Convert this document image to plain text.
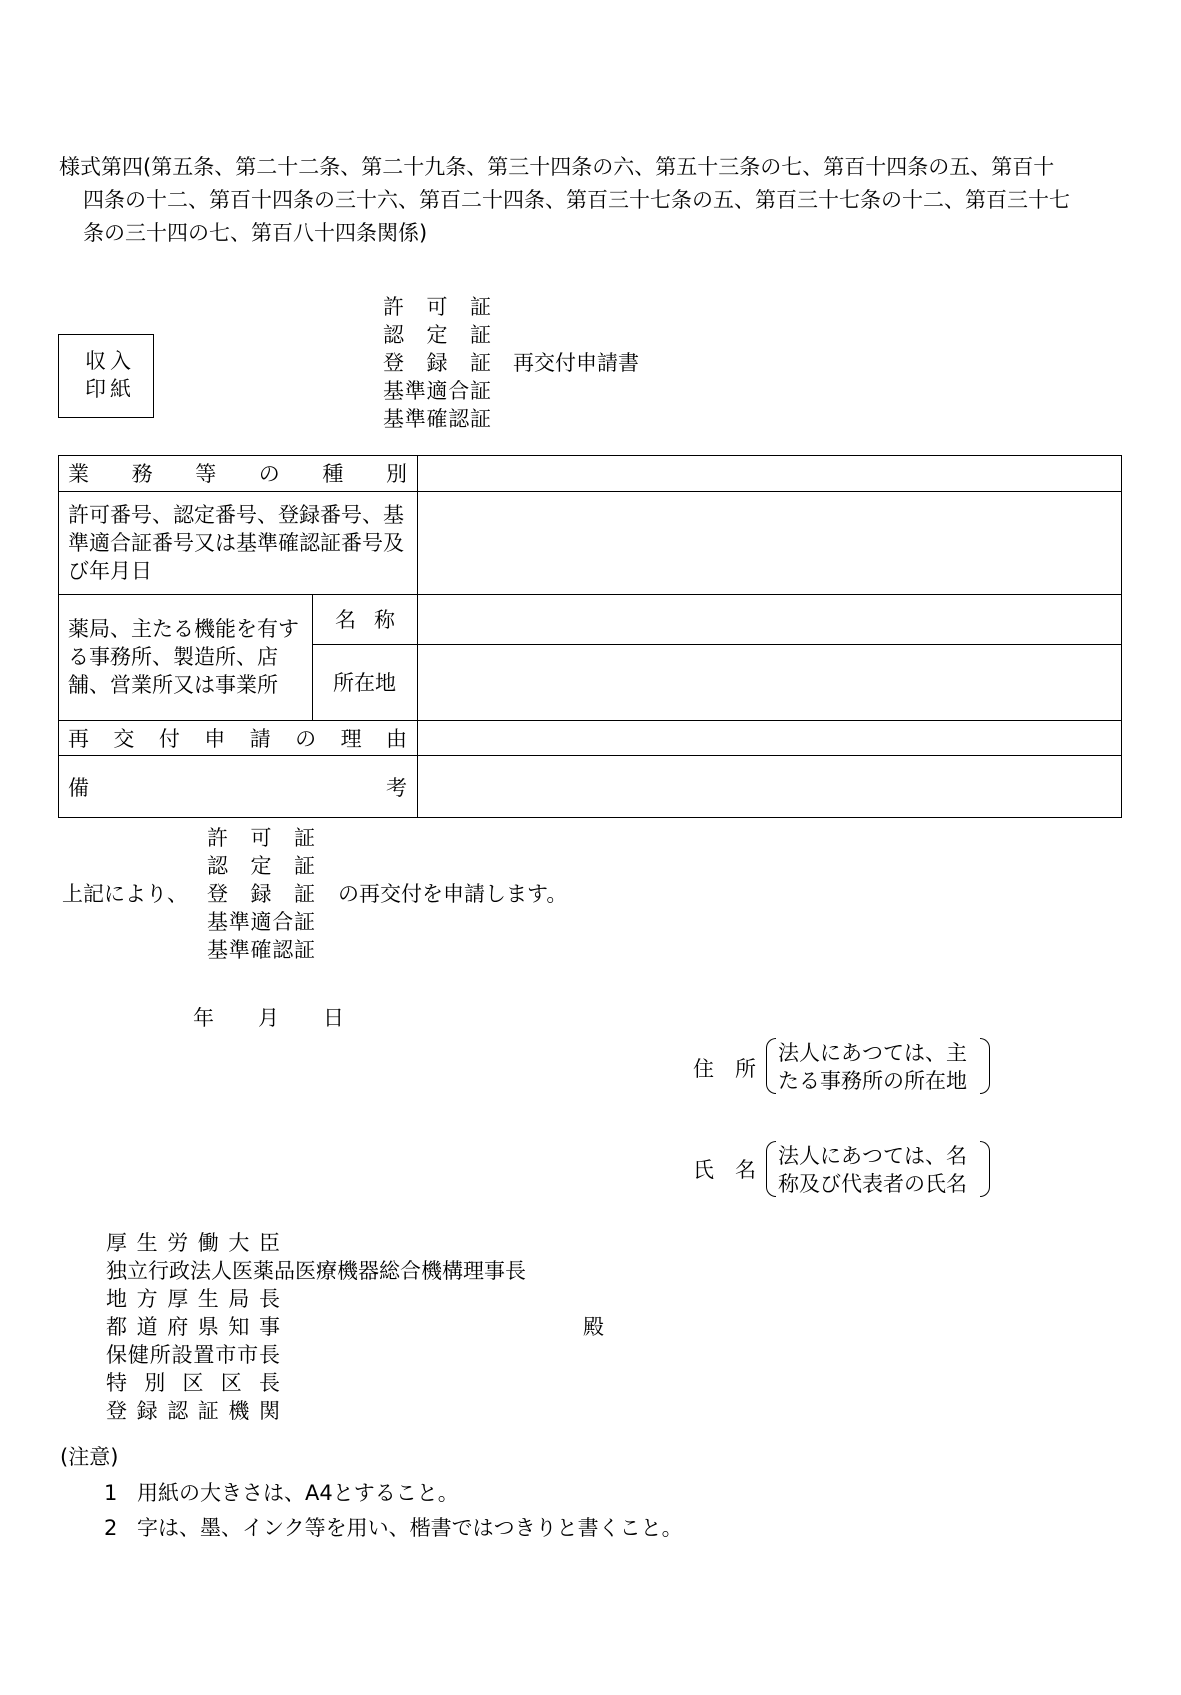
様式第四(第五条、第二十二条、第二十九条、第三十四条の六、第五十三条の七、第百十四条の五、第百十
四条の十二、第百十四条の三十六、第百二十四条、第百三十七条の五、第百三十七条の十二、第百三十七
条の三十四の七、第百八十四条関係)
収入
印紙
許可証
認定証
登録証
基準適合証
基準確認証
再交付申請書
業務等の種別
許可番号、認定番号、登録番号、基準適合証番号又は基準確認証番号及び年月日
薬局、主たる機能を有する事務所、製造所、店舗、営業所又は事業所
名称
所在地
再交付申請の理由
備	考
許可証
認定証
登録証
基準適合証
基準確認証
上記により、	の再交付を申請します。
年 月 日
住　所
法人にあつては、主
たる事務所の所在地
氏　名
法人にあつては、名
称及び代表者の氏名
厚生労働大臣
独立行政法人医薬品医療機器総合機構理事長
地方厚生局長
都道府県知事
保健所設置市市長
特別区区長
登録認証機関
殿
(注意)
1 用紙の大きさは、A4とすること。
2 字は、墨、インク等を用い、楷書ではつきりと書くこと。
